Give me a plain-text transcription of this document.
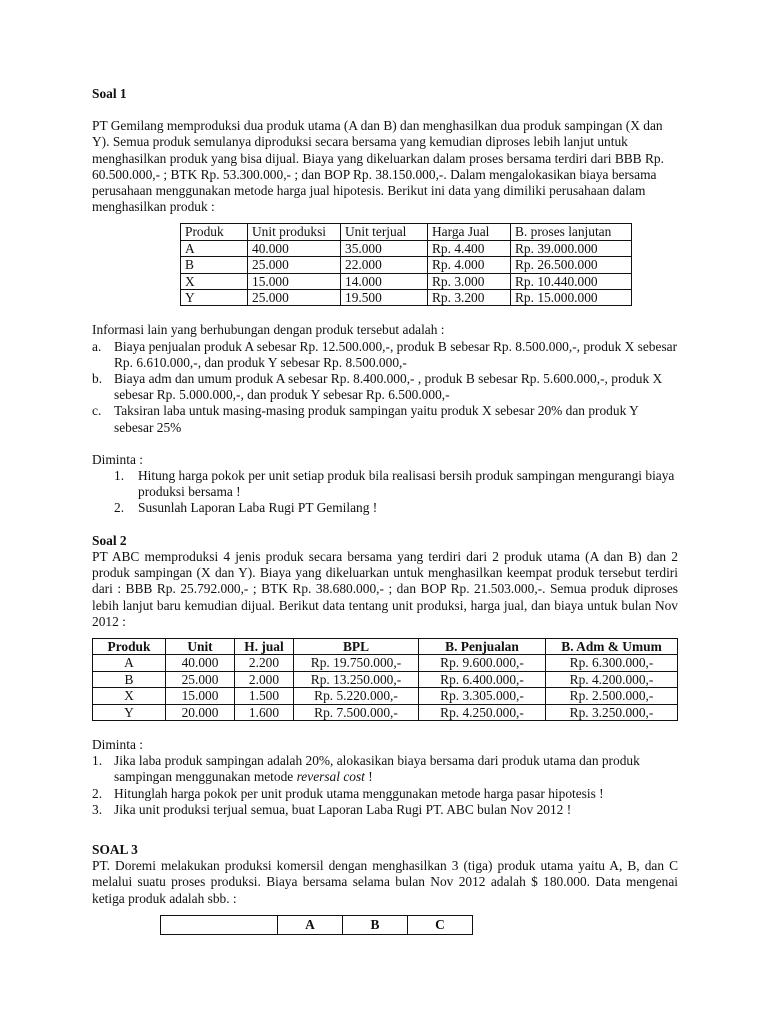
Soal 1

PT Gemilang memproduksi dua produk utama (A dan B) dan menghasilkan dua produk sampingan (X dan Y). Semua produk semulanya diproduksi secara bersama yang kemudian diproses lebih lanjut untuk menghasilkan produk yang bisa dijual. Biaya yang dikeluarkan dalam proses bersama terdiri dari BBB Rp. 60.500.000,- ; BTK Rp. 53.300.000,- ; dan BOP Rp. 38.150.000,-. Dalam mengalokasikan biaya bersama perusahaan menggunakan metode harga jual hipotesis. Berikut ini data yang dimiliki perusahaan dalam menghasilkan produk :

Produk	Unit produksi	Unit terjual	Harga Jual	B. proses lanjutan
A	40.000	35.000	Rp. 4.400	Rp. 39.000.000
B	25.000	22.000	Rp. 4.000	Rp. 26.500.000
X	15.000	14.000	Rp. 3.000	Rp. 10.440.000
Y	25.000	19.500	Rp. 3.200	Rp. 15.000.000

Informasi lain yang berhubungan dengan produk tersebut adalah :

a. Biaya penjualan produk A sebesar Rp. 12.500.000,-, produk B sebesar Rp. 8.500.000,-, produk X sebesar Rp. 6.610.000,-, dan produk Y sebesar Rp. 8.500.000,-
b. Biaya adm dan umum produk A sebesar Rp. 8.400.000,- , produk B sebesar Rp. 5.600.000,-, produk X sebesar Rp. 5.000.000,-, dan produk Y sebesar Rp. 6.500.000,-
c. Taksiran laba untuk masing-masing produk sampingan yaitu produk X sebesar 20% dan produk Y sebesar 25%

Diminta :

1.	Hitung harga pokok per unit setiap produk bila realisasi bersih produk sampingan mengurangi biaya produksi bersama !
2.	Susunlah Laporan Laba Rugi PT Gemilang !

Soal 2

PT ABC memproduksi 4 jenis produk secara bersama yang terdiri dari 2 produk utama (A dan B) dan 2 produk sampingan (X dan Y). Biaya yang dikeluarkan untuk menghasilkan keempat produk tersebut terdiri dari : BBB Rp. 25.792.000,- ; BTK Rp. 38.680.000,- ; dan BOP Rp. 21.503.000,-. Semua produk diproses lebih lanjut baru kemudian dijual. Berikut data tentang unit produksi, harga jual, dan biaya untuk bulan Nov 2012 :

Produk	Unit	H. jual	BPL	B. Penjualan	B. Adm & Umum
A	40.000	2.200	Rp. 19.750.000,-	Rp. 9.600.000,-	Rp. 6.300.000,-
B	25.000	2.000	Rp. 13.250.000,-	Rp. 6.400.000,-	Rp. 4.200.000,-
X	15.000	1.500	Rp. 5.220.000,-	Rp. 3.305.000,-	Rp. 2.500.000,-
Y	20.000	1.600	Rp. 7.500.000,-	Rp. 4.250.000,-	Rp. 3.250.000,-

Diminta :

1. Jika laba produk sampingan adalah 20%, alokasikan biaya bersama dari produk utama dan produk sampingan menggunakan metode reversal cost !
2. Hitunglah harga pokok per unit produk utama menggunakan metode harga pasar hipotesis !
3. Jika unit produksi terjual semua, buat Laporan Laba Rugi PT. ABC bulan Nov 2012 !

SOAL 3

PT. Doremi melakukan produksi komersil dengan menghasilkan 3 (tiga) produk utama yaitu A, B, dan C melalui suatu proses produksi. Biaya bersama selama bulan Nov 2012 adalah $ 180.000. Data mengenai ketiga produk adalah sbb. :

	A	B	C
